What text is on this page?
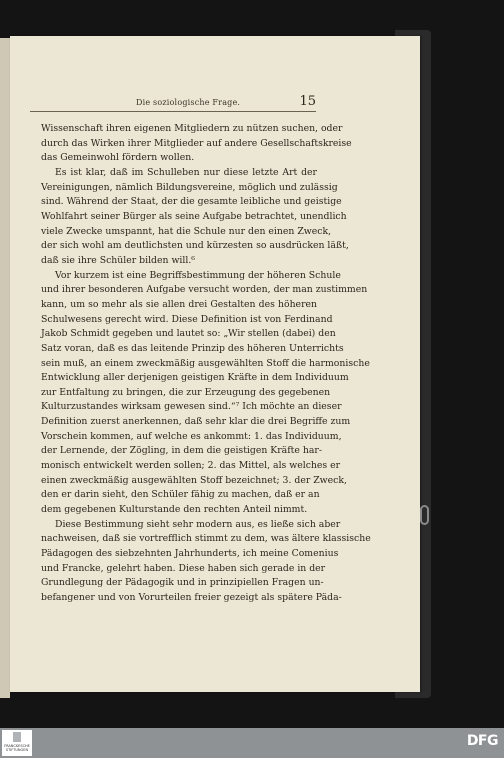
Die soziologische Frage.	15
Wissenschaft ihren eigenen Mitgliedern zu nützen suchen, oder
durch das Wirken ihrer Mitglieder auf andere Gesellschaftskreise
das Gemeinwohl fördern wollen.
Es ist klar, daß im Schulleben nur diese letzte Art der
Vereinigungen, nämlich Bildungsvereine, möglich und zulässig
sind. Während der Staat, der die gesamte leibliche und geistige
Wohlfahrt seiner Bürger als seine Aufgabe betrachtet, unendlich
viele Zwecke umspannt, hat die Schule nur den einen Zweck,
der sich wohl am deutlichsten und kürzesten so ausdrücken läßt,
daß sie ihre Schüler bilden will.⁶
Vor kurzem ist eine Begriffsbestimmung der höheren Schule
und ihrer besonderen Aufgabe versucht worden, der man zustimmen
kann, um so mehr als sie allen drei Gestalten des höheren
Schulwesens gerecht wird. Diese Definition ist von Ferdinand
Jakob Schmidt gegeben und lautet so: „Wir stellen (dabei) den
Satz voran, daß es das leitende Prinzip des höheren Unterrichts
sein muß, an einem zweckmäßig ausgewählten Stoff die harmonische
Entwicklung aller derjenigen geistigen Kräfte in dem Individuum
zur Entfaltung zu bringen, die zur Erzeugung des gegebenen
Kulturzustandes wirksam gewesen sind.“⁷ Ich möchte an dieser
Definition zuerst anerkennen, daß sehr klar die drei Begriffe zum
Vorschein kommen, auf welche es ankommt: 1. das Individuum,
der Lernende, der Zögling, in dem die geistigen Kräfte har-
monisch entwickelt werden sollen; 2. das Mittel, als welches er
einen zweckmäßig ausgewählten Stoff bezeichnet; 3. der Zweck,
den er darin sieht, den Schüler fähig zu machen, daß er an
dem gegebenen Kulturstande den rechten Anteil nimmt.
Diese Bestimmung sieht sehr modern aus, es ließe sich aber
nachweisen, daß sie vortrefflich stimmt zu dem, was ältere klassische
Pädagogen des siebzehnten Jahrhunderts, ich meine Comenius
und Francke, gelehrt haben. Diese haben sich gerade in der
Grundlegung der Pädagogik und in prinzipiellen Fragen un-
befangener und von Vorurteilen freier gezeigt als spätere Päda-
FRANCKESCHE STIFTUNGEN
DFG
